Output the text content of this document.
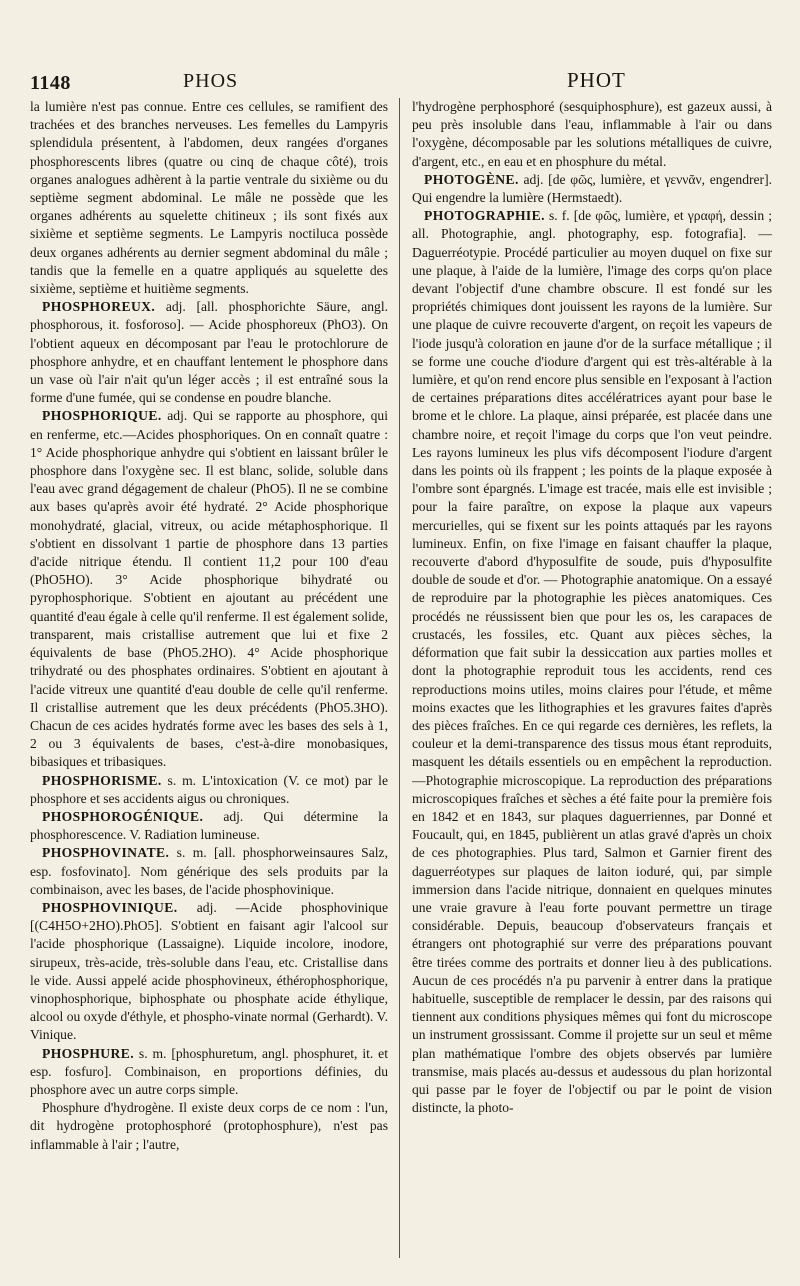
1148	PHOS	PHOT

la lumière n'est pas connue. Entre ces cellules, se ramifient des trachées et des branches nerveuses. Les femelles du Lampyris splendidula présentent, à l'abdomen, deux rangées d'organes phosphorescents libres (quatre ou cinq de chaque côté), trois organes analogues adhèrent à la partie ventrale du sixième ou du septième segment abdominal. Le mâle ne possède que les organes adhérents au squelette chitineux ; ils sont fixés aux sixième et septième segments. Le Lampyris noctiluca possède deux organes adhérents au dernier segment abdominal du mâle ; tandis que la femelle en a quatre appliqués au squelette des sixième, septième et huitième segments.

PHOSPHOREUX. adj. [all. phosphorichte Säure, angl. phosphorous, it. fosforoso]. — Acide phosphoreux (PhO3). On l'obtient aqueux en décomposant par l'eau le protochlorure de phosphore anhydre, et en chauffant lentement le phosphore dans un vase où l'air n'ait qu'un léger accès ; il est entraîné sous la forme d'une fumée, qui se condense en poudre blanche.

PHOSPHORIQUE. adj. Qui se rapporte au phosphore, qui en renferme, etc.—Acides phosphoriques. On en connaît quatre : 1° Acide phosphorique anhydre qui s'obtient en laissant brûler le phosphore dans l'oxygène sec. Il est blanc, solide, soluble dans l'eau avec grand dégagement de chaleur (PhO5). Il ne se combine aux bases qu'après avoir été hydraté. 2° Acide phosphorique monohydraté, glacial, vitreux, ou acide métaphosphorique. Il s'obtient en dissolvant 1 partie de phosphore dans 13 parties d'acide nitrique étendu. Il contient 11,2 pour 100 d'eau (PhO5HO). 3° Acide phosphorique bihydraté ou pyrophosphorique. S'obtient en ajoutant au précédent une quantité d'eau égale à celle qu'il renferme. Il est également solide, transparent, mais cristallise autrement que lui et fixe 2 équivalents de base (PhO5.2HO). 4° Acide phosphorique trihydraté ou des phosphates ordinaires. S'obtient en ajoutant à l'acide vitreux une quantité d'eau double de celle qu'il renferme. Il cristallise autrement que les deux précédents (PhO5.3HO). Chacun de ces acides hydratés forme avec les bases des sels à 1, 2 ou 3 équivalents de bases, c'est-à-dire monobasiques, bibasiques et tribasiques.

PHOSPHORISME. s. m. L'intoxication (V. ce mot) par le phosphore et ses accidents aigus ou chroniques.

PHOSPHOROGÉNIQUE. adj. Qui détermine la phosphorescence. V. Radiation lumineuse.

PHOSPHOVINATE. s. m. [all. phosphorweinsaures Salz, esp. fosfovinato]. Nom générique des sels produits par la combinaison, avec les bases, de l'acide phosphovinique.

PHOSPHOVINIQUE. adj. —Acide phosphovinique [(C4H5O+2HO).PhO5]. S'obtient en faisant agir l'alcool sur l'acide phosphorique (Lassaigne). Liquide incolore, inodore, sirupeux, très-acide, très-soluble dans l'eau, etc. Cristallise dans le vide. Aussi appelé acide phosphovineux, éthérophosphorique, vinophosphorique, biphosphate ou phosphate acide éthylique, alcool ou oxyde d'éthyle, et phospho-vinate normal (Gerhardt). V. Vinique.

PHOSPHURE. s. m. [phosphuretum, angl. phosphuret, it. et esp. fosfuro]. Combinaison, en proportions définies, du phosphore avec un autre corps simple.

Phosphure d'hydrogène. Il existe deux corps de ce nom : l'un, dit hydrogène protophosphoré (protophosphure), n'est pas inflammable à l'air ; l'autre,

l'hydrogène perphosphoré (sesquiphosphure), est gazeux aussi, à peu près insoluble dans l'eau, inflammable à l'air ou dans l'oxygène, décomposable par les solutions métalliques de cuivre, d'argent, etc., en eau et en phosphure du métal.

PHOTOGÈNE. adj. [de φῶς, lumière, et γεννᾶν, engendrer]. Qui engendre la lumière (Hermstaedt).

PHOTOGRAPHIE. s. f. [de φῶς, lumière, et γραφή, dessin ; all. Photographie, angl. photography, esp. fotografia]. — Daguerréotypie. Procédé particulier au moyen duquel on fixe sur une plaque, à l'aide de la lumière, l'image des corps qu'on place devant l'objectif d'une chambre obscure. Il est fondé sur les propriétés chimiques dont jouissent les rayons de la lumière. Sur une plaque de cuivre recouverte d'argent, on reçoit les vapeurs de l'iode jusqu'à coloration en jaune d'or de la surface métallique ; il se forme une couche d'iodure d'argent qui est très-altérable à la lumière, et qu'on rend encore plus sensible en l'exposant à l'action de certaines préparations dites accélératrices ayant pour base le brome et le chlore. La plaque, ainsi préparée, est placée dans une chambre noire, et reçoit l'image du corps que l'on veut peindre. Les rayons lumineux les plus vifs décomposent l'iodure d'argent dans les points où ils frappent ; les points de la plaque exposée à l'ombre sont épargnés. L'image est tracée, mais elle est invisible ; pour la faire paraître, on expose la plaque aux vapeurs mercurielles, qui se fixent sur les points attaqués par les rayons lumineux. Enfin, on fixe l'image en faisant chauffer la plaque, recouverte d'abord d'hyposulfite de soude, puis d'hyposulfite double de soude et d'or. — Photographie anatomique. On a essayé de reproduire par la photographie les pièces anatomiques. Ces procédés ne réussissent bien que pour les os, les carapaces de crustacés, les fossiles, etc. Quant aux pièces sèches, la déformation que fait subir la dessiccation aux parties molles et dont la photographie reproduit tous les accidents, rend ces reproductions moins utiles, moins claires pour l'étude, et même moins exactes que les lithographies et les gravures faites d'après des pièces fraîches. En ce qui regarde ces dernières, les reflets, la couleur et la demi-transparence des tissus mous étant reproduits, masquent les détails essentiels ou en empêchent la reproduction.—Photographie microscopique. La reproduction des préparations microscopiques fraîches et sèches a été faite pour la première fois en 1842 et en 1843, sur plaques daguerriennes, par Donné et Foucault, qui, en 1845, publièrent un atlas gravé d'après un choix de ces photographies. Plus tard, Salmon et Garnier firent des daguerréotypes sur plaques de laiton ioduré, qui, par simple immersion dans l'acide nitrique, donnaient en quelques minutes une vraie gravure à l'eau forte pouvant permettre un tirage considérable. Depuis, beaucoup d'observateurs français et étrangers ont photographié sur verre des préparations pouvant être tirées comme des portraits et donner lieu à des publications. Aucun de ces procédés n'a pu parvenir à entrer dans la pratique habituelle, susceptible de remplacer le dessin, par des raisons qui tiennent aux conditions physiques mêmes qui font du microscope un instrument grossissant. Comme il projette sur un seul et même plan mathématique l'ombre des objets observés par lumière transmise, mais placés au-dessus et audessous du plan horizontal qui passe par le foyer de l'objectif ou par le point de vision distincte, la photo-
